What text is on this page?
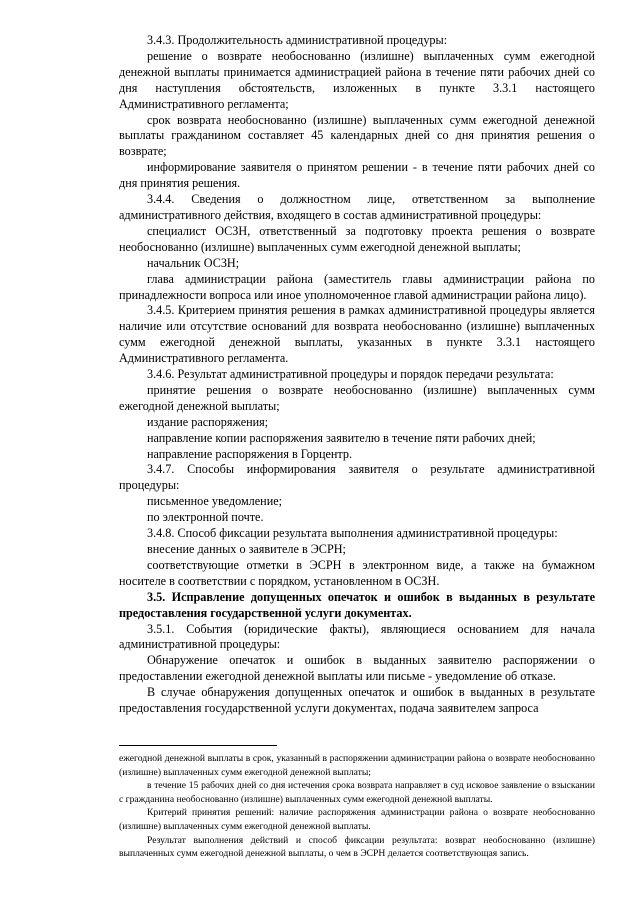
3.4.3. Продолжительность административной процедуры:

решение о возврате необоснованно (излишне) выплаченных сумм ежегодной денежной выплаты принимается администрацией района в течение пяти рабочих дней со дня наступления обстоятельств, изложенных в пункте 3.3.1 настоящего Административного регламента;

срок возврата необоснованно (излишне) выплаченных сумм ежегодной денежной выплаты гражданином составляет 45 календарных дней со дня принятия решения о возврате;

информирование заявителя о принятом решении - в течение пяти рабочих дней со дня принятия решения.

3.4.4. Сведения о должностном лице, ответственном за выполнение административного действия, входящего в состав административной процедуры:

специалист ОСЗН, ответственный за подготовку проекта решения о возврате необоснованно (излишне) выплаченных сумм ежегодной денежной выплаты;

начальник ОСЗН;

глава администрации района (заместитель главы администрации района по принадлежности вопроса или иное уполномоченное главой администрации района лицо).

3.4.5. Критерием принятия решения в рамках административной процедуры является наличие или отсутствие оснований для возврата необоснованно (излишне) выплаченных сумм ежегодной денежной выплаты, указанных в пункте 3.3.1 настоящего Административного регламента.

3.4.6. Результат административной процедуры и порядок передачи результата:

принятие решения о возврате необоснованно (излишне) выплаченных сумм ежегодной денежной выплаты;

издание распоряжения;

направление копии распоряжения заявителю в течение пяти рабочих дней;

направление распоряжения в Горцентр.

3.4.7. Способы информирования заявителя о результате административной процедуры:

письменное уведомление;

по электронной почте.

3.4.8. Способ фиксации результата выполнения административной процедуры:

внесение данных о заявителе в ЭСРН;

соответствующие отметки в ЭСРН в электронном виде, а также на бумажном носителе в соответствии с порядком, установленном в ОСЗН.

3.5. Исправление допущенных опечаток и ошибок в выданных в результате предоставления государственной услуги документах.

3.5.1. События (юридические факты), являющиеся основанием для начала административной процедуры:

Обнаружение опечаток и ошибок в выданных заявителю распоряжении о предоставлении ежегодной денежной выплаты или письме - уведомление об отказе.

В случае обнаружения допущенных опечаток и ошибок в выданных в результате предоставления государственной услуги документах, подача заявителем запроса

ежегодной денежной выплаты в срок, указанный в распоряжении администрации района о возврате необоснованно (излишне) выплаченных сумм ежегодной денежной выплаты;

в течение 15 рабочих дней со дня истечения срока возврата направляет в суд исковое заявление о взыскании с гражданина необоснованно (излишне) выплаченных сумм ежегодной денежной выплаты.

Критерий принятия решений: наличие распоряжения администрации района о возврате необоснованно (излишне) выплаченных сумм ежегодной денежной выплаты.

Результат выполнения действий и способ фиксации результата: возврат необоснованно (излишне) выплаченных сумм ежегодной денежной выплаты, о чем в ЭСРН делается соответствующая запись.
